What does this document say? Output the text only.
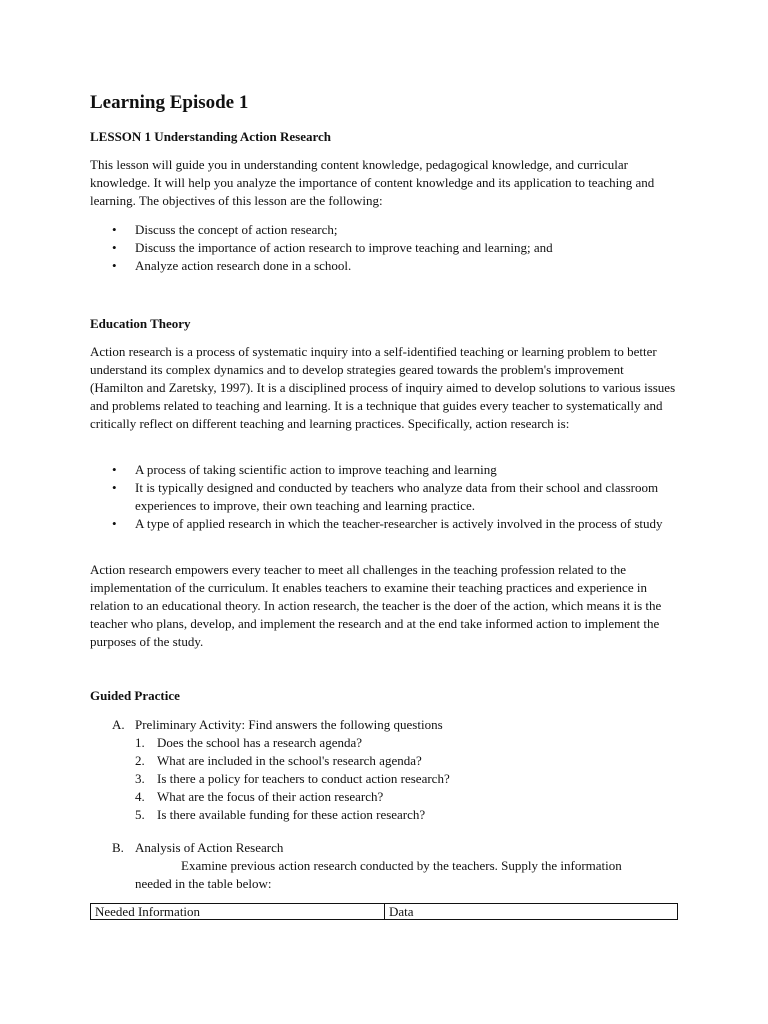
Learning Episode 1
LESSON 1 Understanding Action Research

This lesson will guide you in understanding content knowledge, pedagogical knowledge, and curricular knowledge. It will help you analyze the importance of content knowledge and its application to teaching and learning. The objectives of this lesson are the following:

• Discuss the concept of action research;
• Discuss the importance of action research to improve teaching and learning; and
• Analyze action research done in a school.
Education Theory

Action research is a process of systematic inquiry into a self-identified teaching or learning problem to better understand its complex dynamics and to develop strategies geared towards the problem's improvement (Hamilton and Zaretsky, 1997). It is a disciplined process of inquiry aimed to develop solutions to various issues and problems related to teaching and learning. It is a technique that guides every teacher to systematically and critically reflect on different teaching and learning practices. Specifically, action research is:

• A process of taking scientific action to improve teaching and learning
• It is typically designed and conducted by teachers who analyze data from their school and classroom experiences to improve, their own teaching and learning practice.
• A type of applied research in which the teacher-researcher is actively involved in the process of study

Action research empowers every teacher to meet all challenges in the teaching profession related to the implementation of the curriculum. It enables teachers to examine their teaching practices and experience in relation to an educational theory. In action research, the teacher is the doer of the action, which means it is the teacher who plans, develop, and implement the research and at the end take informed action to implement the purposes of the study.

Guided Practice
A. Preliminary Activity: Find answers the following questions
1. Does the school has a research agenda?
2. What are included in the school's research agenda?
3. Is there a policy for teachers to conduct action research?
4. What are the focus of their action research?
5. Is there available funding for these action research?
B. Analysis of Action Research
Examine previous action research conducted by the teachers. Supply the information
needed in the table below:
Needed Information	Data
